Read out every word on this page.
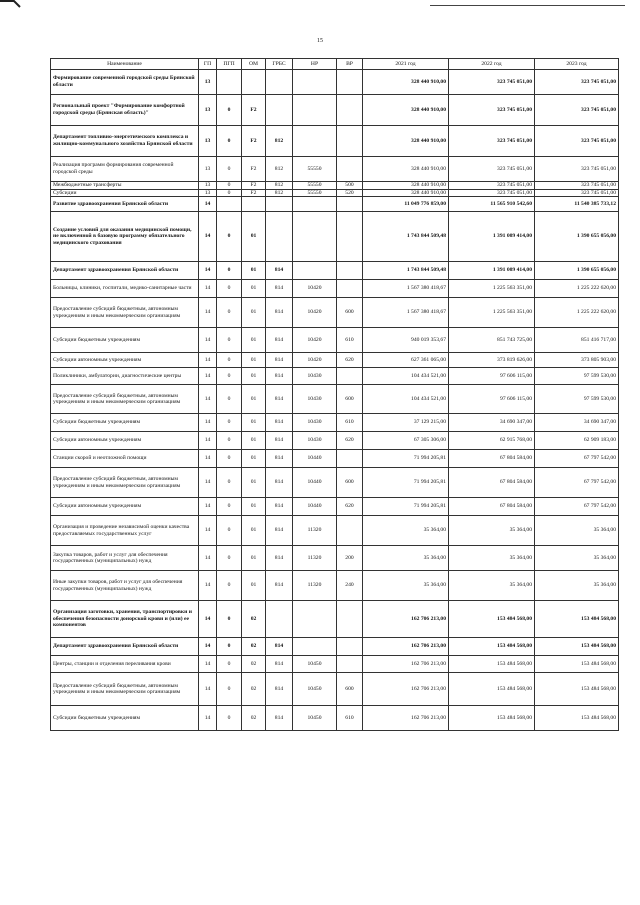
15
Наименование	ГП	ПГП	ОМ	ГРБС	НР	ВР	2021 год	2022 год	2023 год
Формирование современной городской среды Брянской области	13						328 440 910,00	323 745 051,00	323 745 051,00
Региональный проект "Формирование комфортной городской среды (Брянская область)"	13	0	F2				328 440 910,00	323 745 051,00	323 745 051,00
Департамент топливно-энергетического комплекса и жилищно-коммунального хозяйства Брянской области	13	0	F2	812			328 440 910,00	323 745 051,00	323 745 051,00
Реализация программ формирования современной городской среды	13	0	F2	812	55550		328 440 910,00	323 745 051,00	323 745 051,00
Межбюджетные трансферты	13	0	F2	812	55550	500	328 440 910,00	323 745 051,00	323 745 051,00
Субсидии	13	0	F2	812	55550	520	328 440 910,00	323 745 051,00	323 745 051,00
Развитие здравоохранения Брянской области	14						11 049 776 859,00	11 565 910 542,60	11 540 385 733,12
Создание условий для оказания медицинской помощи, не включенной в базовую программу обязательного медицинского страхования	14	0	01				1 743 844 509,48	1 391 009 414,00	1 390 655 056,00
Департамент здравоохранения Брянской области	14	0	01	814			1 743 844 509,48	1 391 009 414,00	1 390 655 056,00
Больницы, клиники, госпитали, медико-санитарные части	14	0	01	814	10420		1 567 380 418,67	1 225 563 351,00	1 225 222 620,00
Предоставление субсидий бюджетным, автономным учреждениям и иным некоммерческим организациям	14	0	01	814	10420	600	1 567 380 418,67	1 225 563 351,00	1 225 222 620,00
Субсидии бюджетным учреждениям	14	0	01	814	10420	610	940 019 353,67	851 743 725,00	851 416 717,00
Субсидии автономным учреждениям	14	0	01	814	10420	620	627 361 065,00	373 819 626,00	373 805 903,00
Поликлиники, амбулатории, диагностические центры	14	0	01	814	10430		104 434 521,00	97 606 115,00	97 599 530,00
Предоставление субсидий бюджетным, автономным учреждениям и иным некоммерческим организациям	14	0	01	814	10430	600	104 434 521,00	97 606 115,00	97 599 530,00
Субсидии бюджетным учреждениям	14	0	01	814	10430	610	37 129 215,00	34 690 347,00	34 690 347,00
Субсидии автономным учреждениям	14	0	01	814	10430	620	67 305 306,00	62 915 768,00	62 909 183,00
Станции скорой и неотложной помощи	14	0	01	814	10440		71 994 205,81	67 804 584,00	67 797 542,00
Предоставление субсидий бюджетным, автономным учреждениям и иным некоммерческим организациям	14	0	01	814	10440	600	71 994 205,81	67 804 584,00	67 797 542,00
Субсидии автономным учреждениям	14	0	01	814	10440	620	71 994 205,81	67 804 584,00	67 797 542,00
Организация и проведение независимой оценки качества предоставляемых государственных услуг	14	0	01	814	11320		35 364,00	35 364,00	35 364,00
Закупка товаров, работ и услуг для обеспечения государственных (муниципальных) нужд	14	0	01	814	11320	200	35 364,00	35 364,00	35 364,00
Иные закупки товаров, работ и услуг для обеспечения государственных (муниципальных) нужд	14	0	01	814	11320	240	35 364,00	35 364,00	35 364,00
Организация заготовки, хранения, транспортировки и обеспечения безопасности донорской крови и (или) ее компонентов	14	0	02				162 706 213,00	153 484 568,00	153 484 568,00
Департамент здравоохранения Брянской области	14	0	02	814			162 706 213,00	153 484 568,00	153 484 568,00
Центры, станции и отделения переливания крови	14	0	02	814	10450		162 706 213,00	153 484 568,00	153 484 568,00
Предоставление субсидий бюджетным, автономным учреждениям и иным некоммерческим организациям	14	0	02	814	10450	600	162 706 213,00	153 484 568,00	153 484 568,00
Субсидии бюджетным учреждениям	14	0	02	814	10450	610	162 706 213,00	153 484 568,00	153 484 568,00
